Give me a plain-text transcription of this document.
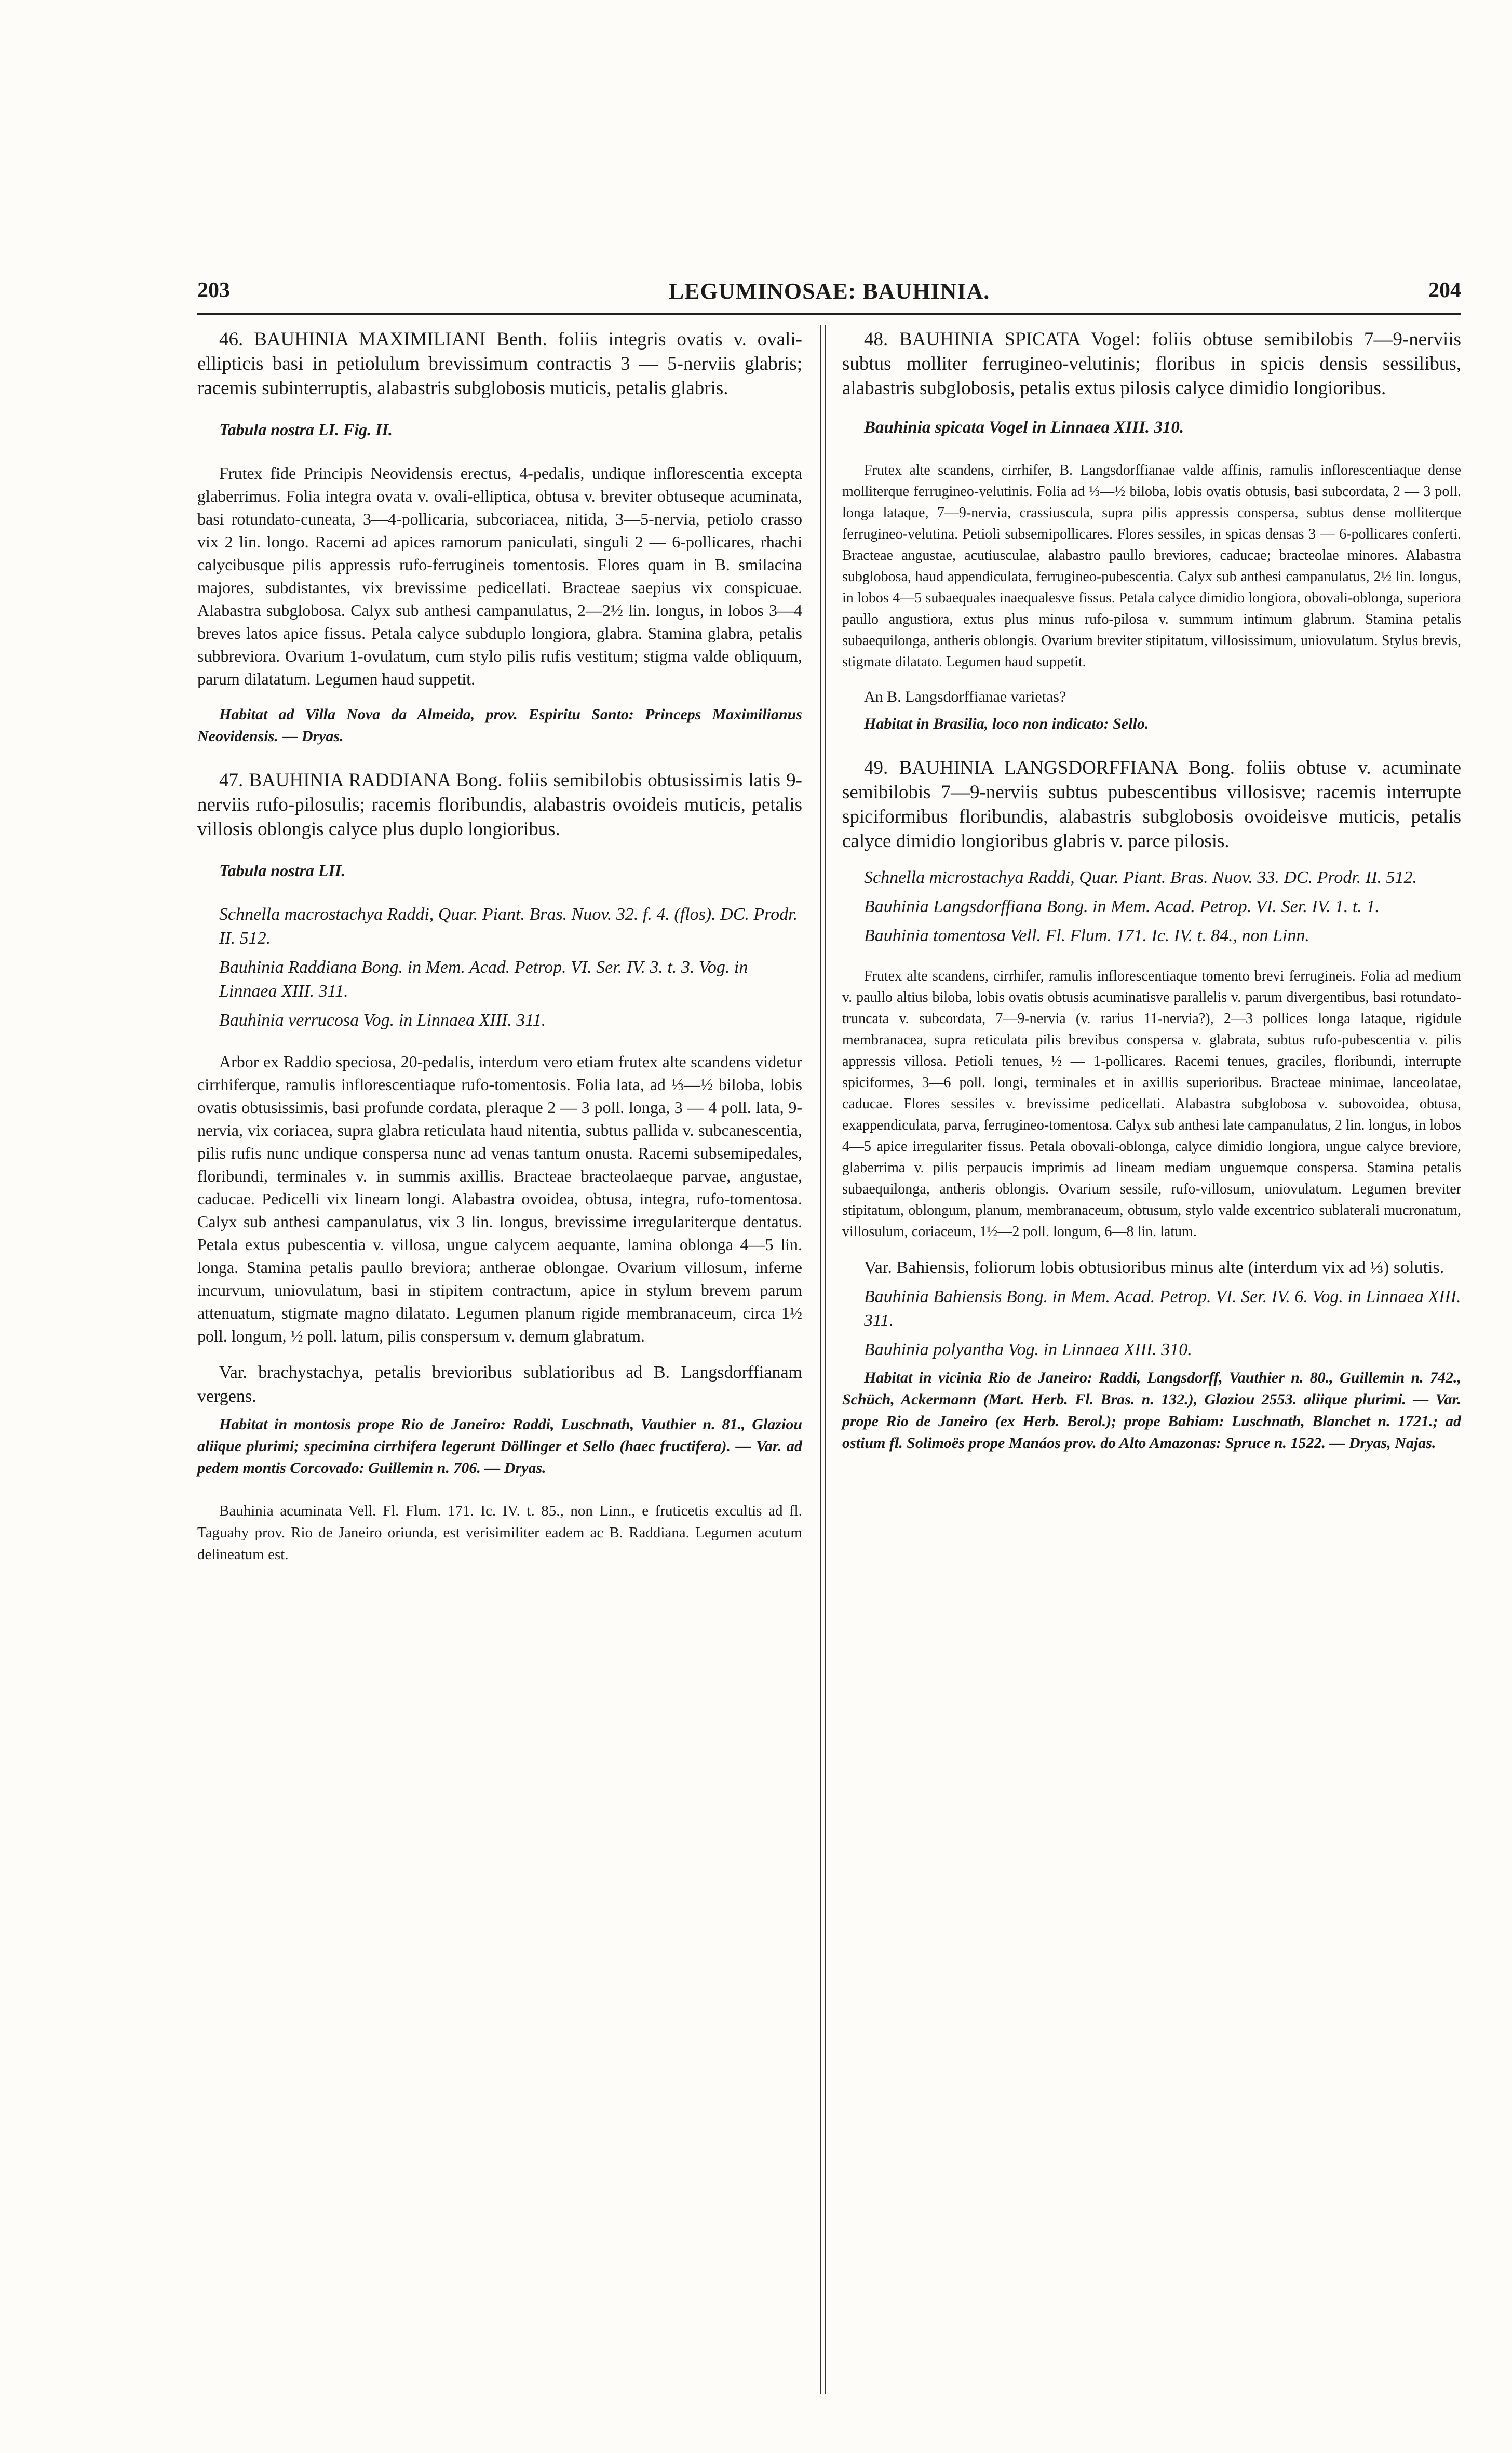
203	LEGUMINOSAE: BAUHINIA.	204

46. BAUHINIA MAXIMILIANI Benth. foliis integris ovatis v. ovali-ellipticis basi in petiolulum brevissimum contractis 3 — 5-nerviis glabris; racemis subinterruptis, alabastris subglobosis muticis, petalis glabris.

Tabula nostra LI. Fig. II.

Frutex fide Principis Neovidensis erectus, 4-pedalis, undique inflorescentia excepta glaberrimus. Folia integra ovata v. ovali-elliptica, obtusa v. breviter obtuseque acuminata, basi rotundato-cuneata, 3—4-pollicaria, subcoriacea, nitida, 3—5-nervia, petiolo crasso vix 2 lin. longo. Racemi ad apices ramorum paniculati, singuli 2 — 6-pollicares, rhachi calycibusque pilis appressis rufo-ferrugineis tomentosis. Flores quam in B. smilacina majores, subdistantes, vix brevissime pedicellati. Bracteae saepius vix conspicuae. Alabastra subglobosa. Calyx sub anthesi campanulatus, 2—2½ lin. longus, in lobos 3—4 breves latos apice fissus. Petala calyce subduplo longiora, glabra. Stamina glabra, petalis subbreviora. Ovarium 1-ovulatum, cum stylo pilis rufis vestitum; stigma valde obliquum, parum dilatatum. Legumen haud suppetit.

Habitat ad Villa Nova da Almeida, prov. Espiritu Santo: Princeps Maximilianus Neovidensis. — Dryas.

47. BAUHINIA RADDIANA Bong. foliis semibilobis obtusissimis latis 9-nerviis rufo-pilosulis; racemis floribundis, alabastris ovoideis muticis, petalis villosis oblongis calyce plus duplo longioribus.

Tabula nostra LII.

Schnella macrostachya Raddi, Quar. Piant. Bras. Nuov. 32. f. 4. (flos). DC. Prodr. II. 512.

Bauhinia Raddiana Bong. in Mem. Acad. Petrop. VI. Ser. IV. 3. t. 3. Vog. in Linnaea XIII. 311.

Bauhinia verrucosa Vog. in Linnaea XIII. 311.

Arbor ex Raddio speciosa, 20-pedalis, interdum vero etiam frutex alte scandens videtur cirrhiferque, ramulis inflorescentiaque rufo-tomentosis. Folia lata, ad ⅓—½ biloba, lobis ovatis obtusissimis, basi profunde cordata, pleraque 2 — 3 poll. longa, 3 — 4 poll. lata, 9-nervia, vix coriacea, supra glabra reticulata haud nitentia, subtus pallida v. subcanescentia, pilis rufis nunc undique conspersa nunc ad venas tantum onusta. Racemi subsemipedales, floribundi, terminales v. in summis axillis. Bracteae bracteolaeque parvae, angustae, caducae. Pedicelli vix lineam longi. Alabastra ovoidea, obtusa, integra, rufo-tomentosa. Calyx sub anthesi campanulatus, vix 3 lin. longus, brevissime irregulariterque dentatus. Petala extus pubescentia v. villosa, ungue calycem aequante, lamina oblonga 4—5 lin. longa. Stamina petalis paullo breviora; antherae oblongae. Ovarium villosum, inferne incurvum, uniovulatum, basi in stipitem contractum, apice in stylum brevem parum attenuatum, stigmate magno dilatato. Legumen planum rigide membranaceum, circa 1½ poll. longum, ½ poll. latum, pilis conspersum v. demum glabratum.

Var. brachystachya, petalis brevioribus sublatioribus ad B. Langsdorffianam vergens.

Habitat in montosis prope Rio de Janeiro: Raddi, Luschnath, Vauthier n. 81., Glaziou aliique plurimi; specimina cirrhifera legerunt Döllinger et Sello (haec fructifera). — Var. ad pedem montis Corcovado: Guillemin n. 706. — Dryas.

Bauhinia acuminata Vell. Fl. Flum. 171. Ic. IV. t. 85., non Linn., e fruticetis excultis ad fl. Taguahy prov. Rio de Janeiro oriunda, est verisimiliter eadem ac B. Raddiana. Legumen acutum delineatum est.

48. BAUHINIA SPICATA Vogel: foliis obtuse semibilobis 7—9-nerviis subtus molliter ferrugineo-velutinis; floribus in spicis densis sessilibus, alabastris subglobosis, petalis extus pilosis calyce dimidio longioribus.

Bauhinia spicata Vogel in Linnaea XIII. 310.

Frutex alte scandens, cirrhifer, B. Langsdorffianae valde affinis, ramulis inflorescentiaque dense molliterque ferrugineo-velutinis. Folia ad ⅓—½ biloba, lobis ovatis obtusis, basi subcordata, 2 — 3 poll. longa lataque, 7—9-nervia, crassiuscula, supra pilis appressis conspersa, subtus dense molliterque ferrugineo-velutina. Petioli subsemipollicares. Flores sessiles, in spicas densas 3 — 6-pollicares conferti. Bracteae angustae, acutiusculae, alabastro paullo breviores, caducae; bracteolae minores. Alabastra subglobosa, haud appendiculata, ferrugineo-pubescentia. Calyx sub anthesi campanulatus, 2½ lin. longus, in lobos 4—5 subaequales inaequalesve fissus. Petala calyce dimidio longiora, obovali-oblonga, superiora paullo angustiora, extus plus minus rufo-pilosa v. summum intimum glabrum. Stamina petalis subaequilonga, antheris oblongis. Ovarium breviter stipitatum, villosissimum, uniovulatum. Stylus brevis, stigmate dilatato. Legumen haud suppetit.

An B. Langsdorffianae varietas?

Habitat in Brasilia, loco non indicato: Sello.

49. BAUHINIA LANGSDORFFIANA Bong. foliis obtuse v. acuminate semibilobis 7—9-nerviis subtus pubescentibus villosisve; racemis interrupte spiciformibus floribundis, alabastris subglobosis ovoideisve muticis, petalis calyce dimidio longioribus glabris v. parce pilosis.

Schnella microstachya Raddi, Quar. Piant. Bras. Nuov. 33. DC. Prodr. II. 512.

Bauhinia Langsdorffiana Bong. in Mem. Acad. Petrop. VI. Ser. IV. 1. t. 1.

Bauhinia tomentosa Vell. Fl. Flum. 171. Ic. IV. t. 84., non Linn.

Frutex alte scandens, cirrhifer, ramulis inflorescentiaque tomento brevi ferrugineis. Folia ad medium v. paullo altius biloba, lobis ovatis obtusis acuminatisve parallelis v. parum divergentibus, basi rotundato-truncata v. subcordata, 7—9-nervia (v. rarius 11-nervia?), 2—3 pollices longa lataque, rigidule membranacea, supra reticulata pilis brevibus conspersa v. glabrata, subtus rufo-pubescentia v. pilis appressis villosa. Petioli tenues, ½ — 1-pollicares. Racemi tenues, graciles, floribundi, interrupte spiciformes, 3—6 poll. longi, terminales et in axillis superioribus. Bracteae minimae, lanceolatae, caducae. Flores sessiles v. brevissime pedicellati. Alabastra subglobosa v. subovoidea, obtusa, exappendiculata, parva, ferrugineo-tomentosa. Calyx sub anthesi late campanulatus, 2 lin. longus, in lobos 4—5 apice irregulariter fissus. Petala obovali-oblonga, calyce dimidio longiora, ungue calyce breviore, glaberrima v. pilis perpaucis imprimis ad lineam mediam unguemque conspersa. Stamina petalis subaequilonga, antheris oblongis. Ovarium sessile, rufo-villosum, uniovulatum. Legumen breviter stipitatum, oblongum, planum, membranaceum, obtusum, stylo valde excentrico sublaterali mucronatum, villosulum, coriaceum, 1½—2 poll. longum, 6—8 lin. latum.

Var. Bahiensis, foliorum lobis obtusioribus minus alte (interdum vix ad ⅓) solutis.

Bauhinia Bahiensis Bong. in Mem. Acad. Petrop. VI. Ser. IV. 6. Vog. in Linnaea XIII. 311.

Bauhinia polyantha Vog. in Linnaea XIII. 310.

Habitat in vicinia Rio de Janeiro: Raddi, Langsdorff, Vauthier n. 80., Guillemin n. 742., Schüch, Ackermann (Mart. Herb. Fl. Bras. n. 132.), Glaziou 2553. aliique plurimi. — Var. prope Rio de Janeiro (ex Herb. Berol.); prope Bahiam: Luschnath, Blanchet n. 1721.; ad ostium fl. Solimoës prope Manáos prov. do Alto Amazonas: Spruce n. 1522. — Dryas, Najas.
